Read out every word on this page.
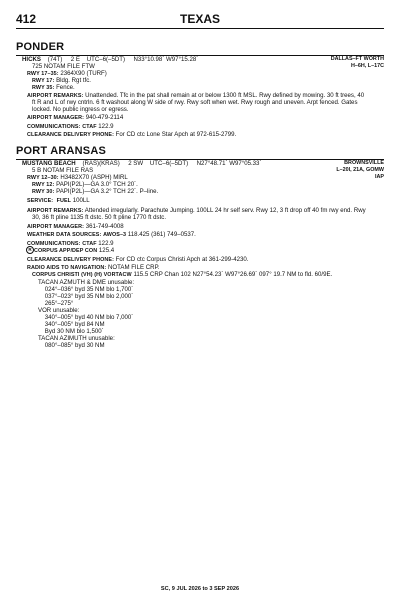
412	TEXAS
PONDER
HICKS (74T) 2 E UTC–6(–5DT) N33°10.98´ W97°15.28´	DALLAS–FT WORTH
H–6H, L–17C
725 NOTAM FILE FTW
RWY 17–35: 2364X90 (TURF)
RWY 17: Bldg. Rgt tfc.
RWY 35: Fence.
AIRPORT REMARKS: Unattended. Tfc in the pat shall remain at or below 1300 ft MSL. Rwy defined by mowing. 30 ft trees, 40
ft R and L of rwy cntrln. 6 ft washout along W side of rwy. Rwy soft when wet. Rwy rough and uneven. Arpt fenced. Gates
locked. No public ingress or egress.
AIRPORT MANAGER: 940-479-2114
COMMUNICATIONS: CTAF 122.9
CLEARANCE DELIVERY PHONE: For CD ctc Lone Star Apch at 972-615-2799.
PORT ARANSAS
MUSTANG BEACH (RAS)(KRAS) 2 SW UTC–6(–5DT) N27°48.71´ W97°05.33´	BROWNSVILLE
L–20I, 21A, GOMW
IAP
5 B NOTAM FILE RAS
RWY 12–30: H3482X70 (ASPH) MIRL
RWY 12: PAPI(P2L)—GA 3.0° TCH 20´.
RWY 30: PAPI(P2L)—GA 3.2° TCH 22´. P–line.
SERVICE: FUEL 100LL
AIRPORT REMARKS: Attended irregularly. Parachute Jumping. 100LL 24 hr self serv. Rwy 12, 3 ft drop off 40 fm rwy end. Rwy
30, 36 ft pline 1135 ft dstc. 50 ft pline 1770 ft dstc.
AIRPORT MANAGER: 361-749-4008
WEATHER DATA SOURCES: AWOS–3 118.425 (361) 749–0537.
COMMUNICATIONS: CTAF 122.9
R CORPUS APP/DEP CON 125.4
CLEARANCE DELIVERY PHONE: For CD ctc Corpus Christi Apch at 361-299-4230.
RADIO AIDS TO NAVIGATION: NOTAM FILE CRP.
CORPUS CHRISTI (VH) (H) VORTACW 115.5 CRP Chan 102 N27°54.23´ W97°26.69´ 097° 19.7 NM to fld. 60/9E.
TACAN AZMUTH & DME unusable:
024°–036° byd 35 NM blo 1,700´
037°–023° byd 35 NM blo 2,000´
265°–275°
VOR unusable:
340°–005° byd 40 NM blo 7,000´
340°–005° byd 84 NM
Byd 30 NM blo 1,500´
TACAN AZIMUTH unusable:
080°–085° byd 30 NM
SC, 9 JUL 2026 to 3 SEP 2026
